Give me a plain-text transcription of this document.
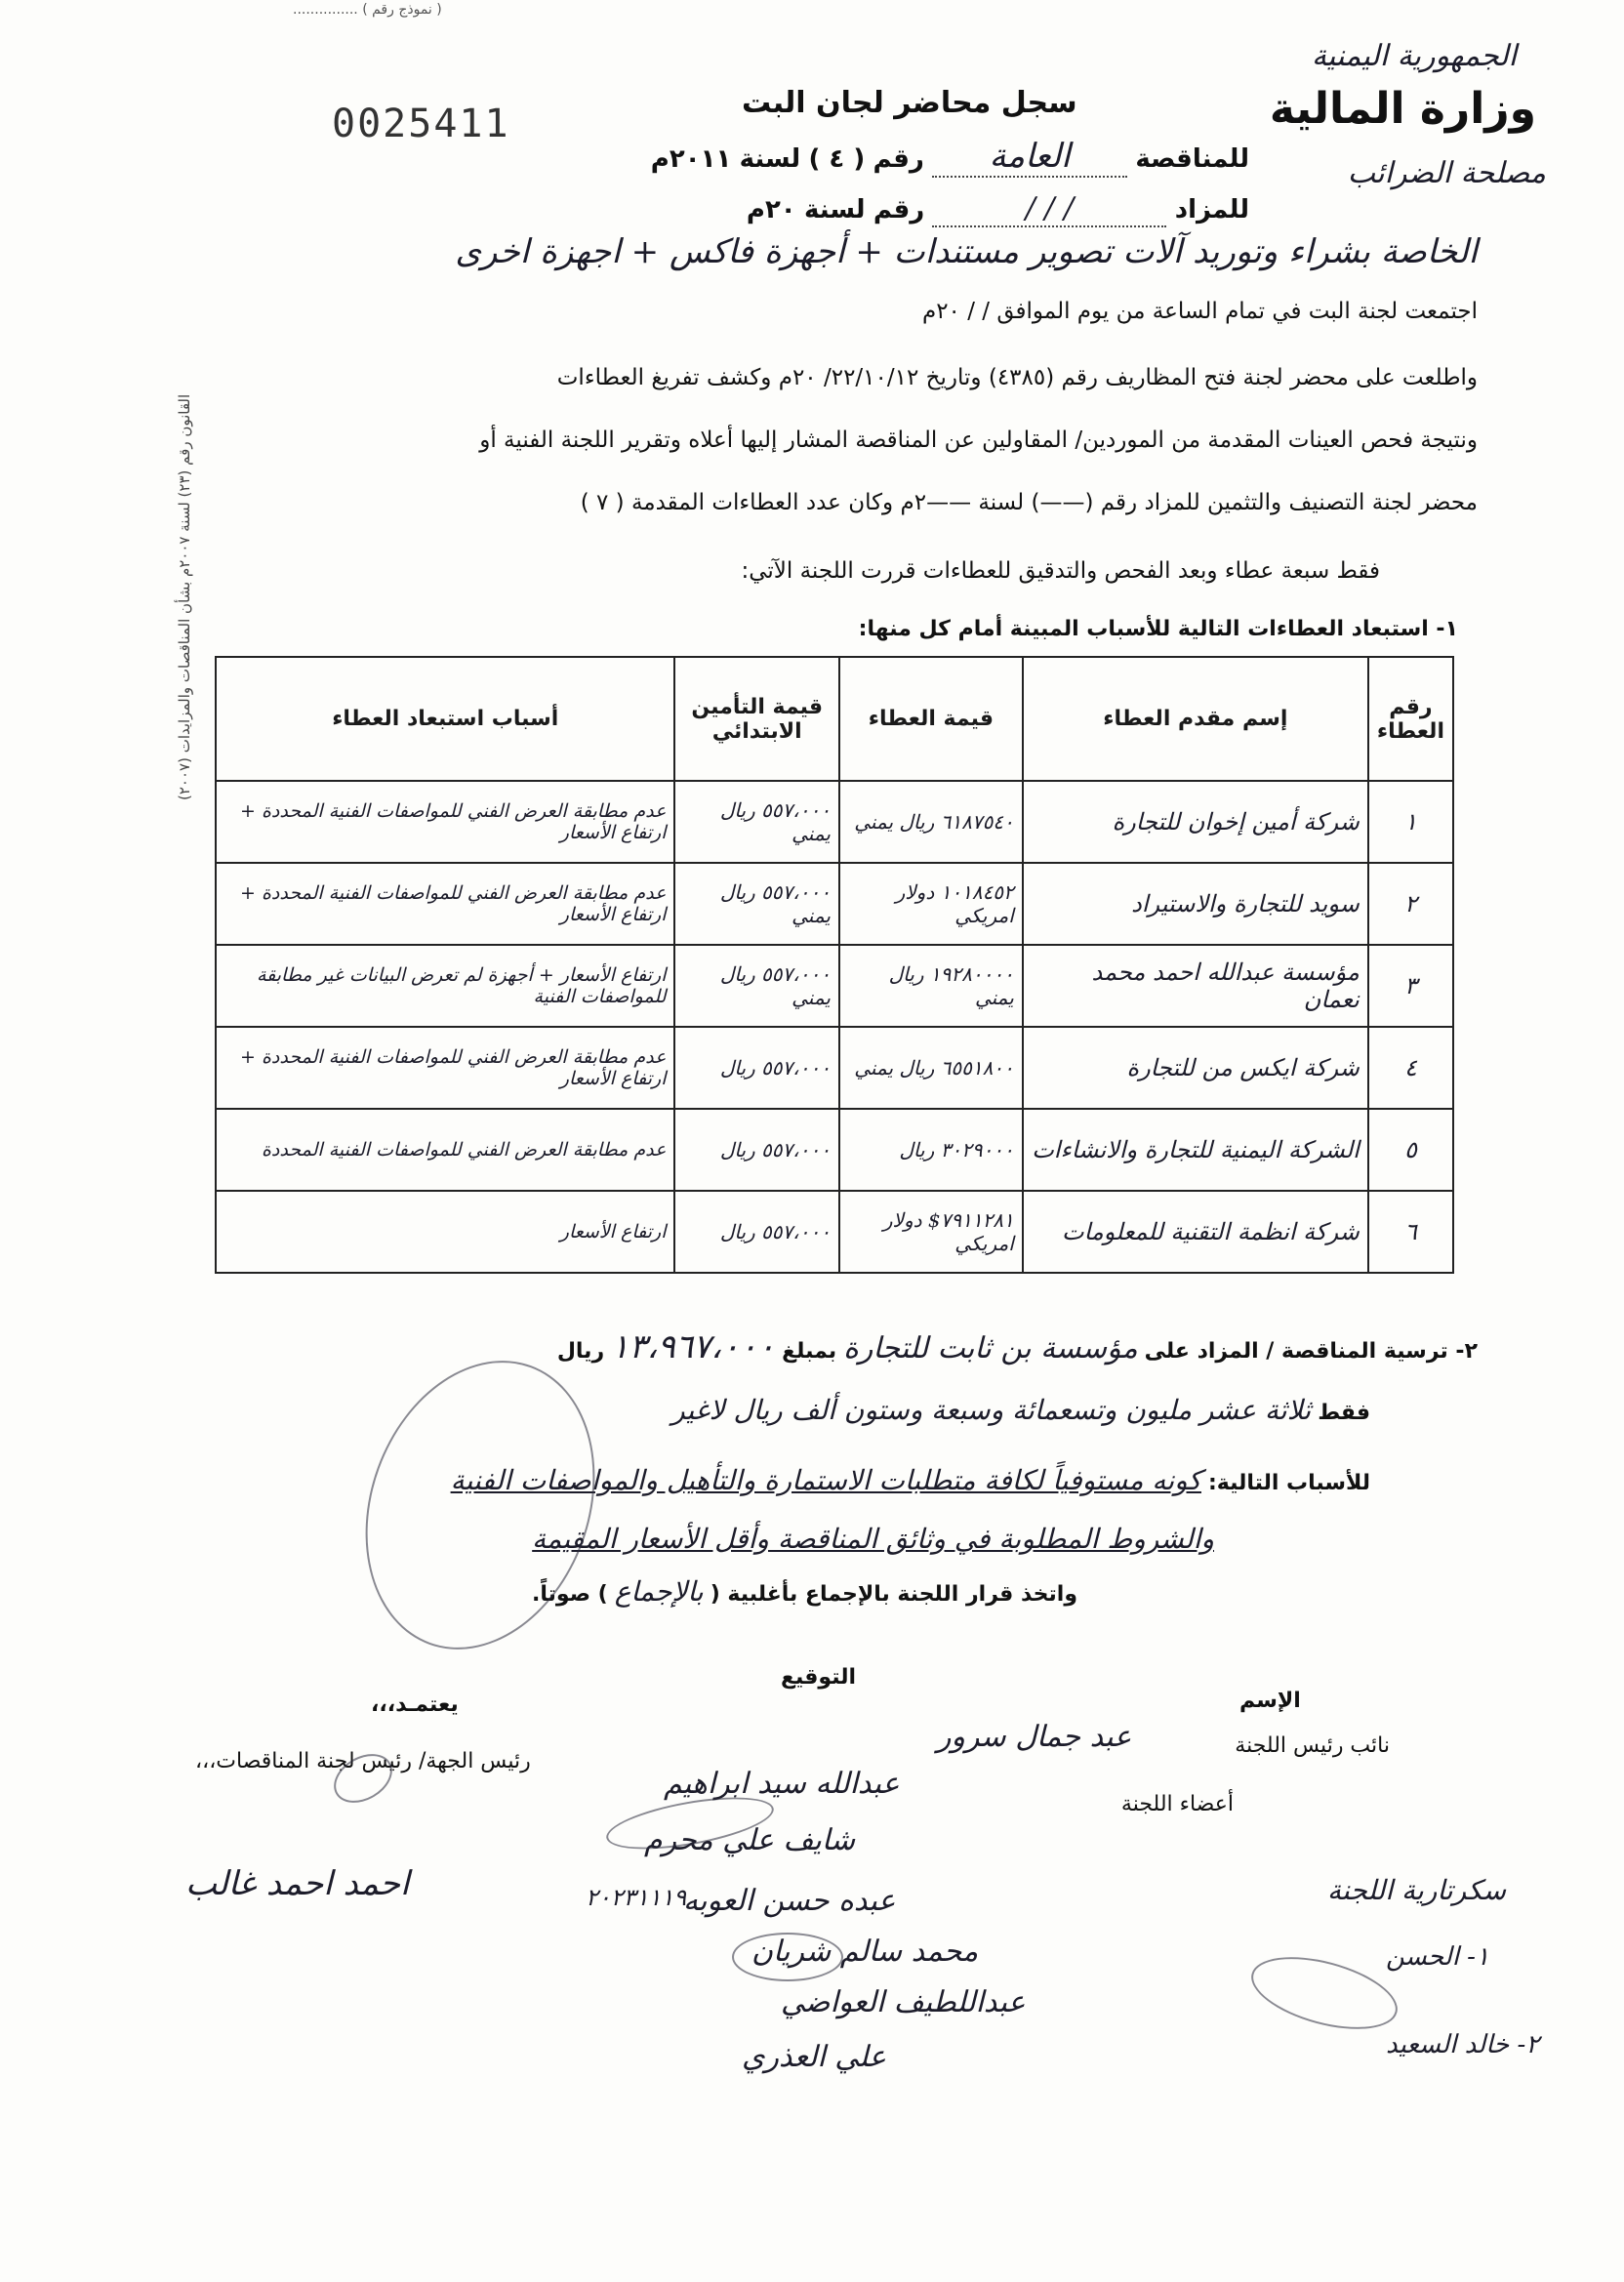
( نموذج رقم ) ...............
الجمهورية اليمنية
وزارة المالية
مصلحة الضرائب
0025411	سجل محاضر لجان البت
للمناقصة العامة رقم ( ٤ ) لسنة ٢٠١١م
للمزاد / / / رقم لسنة ٢٠م
الخاصة بشراء وتوريد آلات تصوير مستندات + أجهزة فاكس + اجهزة اخرى
اجتمعت لجنة البت في تمام الساعة من يوم الموافق / / ٢٠م
واطلعت على محضر لجنة فتح المظاريف رقم (٤٣٨٥) وتاريخ ٢٢/١٠/١٢/ ٢٠م وكشف تفريغ العطاءات
ونتيجة فحص العينات المقدمة من الموردين/ المقاولين عن المناقصة المشار إليها أعلاه وتقرير اللجنة الفنية أو
محضر لجنة التصنيف والتثمين للمزاد رقم (——) لسنة ——٢م وكان عدد العطاءات المقدمة ( ٧ )
فقط سبعة عطاء وبعد الفحص والتدقيق للعطاءات قررت اللجنة الآتي:
١- استبعاد العطاءات التالية للأسباب المبينة أمام كل منها:
رقم العطاء	إسم مقدم العطاء	قيمة العطاء	قيمة التأمين الابتدائي	أسباب استبعاد العطاء
١	شركة أمين إخوان للتجارة	٦١٨٧٥٤٠ ريال يمني	٥٥٧،٠٠٠ ريال يمني	عدم مطابقة العرض الفني للمواصفات الفنية المحددة + ارتفاع الأسعار
٢	سويد للتجارة والاستيراد	١٠١٨٤٥٢ دولار امريكي	٥٥٧،٠٠٠ ريال يمني	عدم مطابقة العرض الفني للمواصفات الفنية المحددة + ارتفاع الأسعار
٣	مؤسسة عبدالله احمد محمد نعمان	١٩٢٨٠٠٠٠ ريال يمني	٥٥٧،٠٠٠ ريال يمني	ارتفاع الأسعار + أجهزة لم تعرض البيانات غير مطابقة للمواصفات الفنية
٤	شركة ايكس من للتجارة	٦٥٥١٨٠٠ ريال يمني	٥٥٧،٠٠٠ ريال	عدم مطابقة العرض الفني للمواصفات الفنية المحددة + ارتفاع الأسعار
٥	الشركة اليمنية للتجارة والانشاءات	٣٠٢٩٠٠٠ ريال	٥٥٧،٠٠٠ ريال	عدم مطابقة العرض الفني للمواصفات الفنية المحددة
٦	شركة انظمة التقنية للمعلومات	٧٩١١٢٨١$ دولار امريكي	٥٥٧،٠٠٠ ريال	ارتفاع الأسعار
القانون رقم (٢٣) لسنة ٢٠٠٧م بشأن المناقصات والمزايدات (٢٠٠٧)
٢- ترسية المناقصة / المزاد على مؤسسة بن ثابت للتجارة بمبلغ ١٣،٩٦٧،٠٠٠ ريال
فقط ثلاثة عشر مليون وتسعمائة وسبعة وستون ألف ريال لاغير
للأسباب التالية: كونه مستوفياً لكافة متطلبات الاستمارة والتأهيل والمواصفات الفنية
والشروط المطلوبة في وثائق المناقصة وأقل الأسعار المقيمة
واتخذ قرار اللجنة بالإجماع بأغلبية ( بالإجماع ) صوتاً.
التوقيع
الإسم
يعتمـد،،،
نائب رئيس اللجنة
عبد جمال سرور
رئيس الجهة/ رئيس لجنة المناقصات،،،
أعضاء اللجنة
عبدالله سيد ابراهيم
شايف علي محرم
عبده حسن العوبه
محمد سالم شريان
عبداللطيف العواضي
علي العذري
سكرتارية اللجنة
١- الحسن
٢- خالد السعيد
احمد احمد غالب	٢٠٢٣١١١٩
